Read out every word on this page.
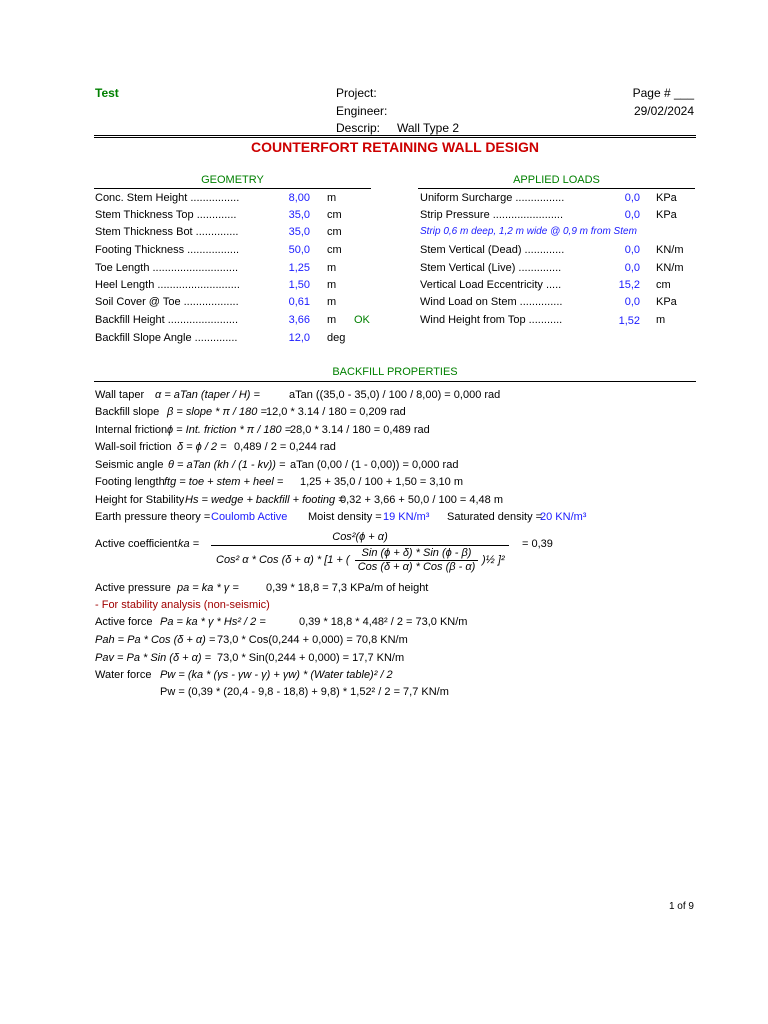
Test	Project:
Engineer:
Descrip: Wall Type 2
Page # ___
29/02/2024
COUNTERFORT RETAINING WALL DESIGN
GEOMETRY
Conc. Stem Height ................	8,00 m
Stem Thickness Top .............	35,0 cm
Stem Thickness Bot ..............	35,0 cm
Footing Thickness .................	50,0 cm
Toe Length ............................	1,25 m
Heel Length ...........................	1,50 m
Soil Cover @ Toe ..................	0,61 m
Backfill Height .......................	3,66 m OK
Backfill Slope Angle ..............	12,0 deg
APPLIED LOADS
Uniform Surcharge ................	0,0 KPa
Strip Pressure .......................	0,0 KPa
Strip 0,6 m deep, 1,2 m wide @ 0,9 m from Stem
Stem Vertical (Dead) .............	0,0 KN/m
Stem Vertical (Live) ..............	0,0 KN/m
Vertical Load Eccentricity .....	15,2 cm
Wind Load on Stem ..............	0,0 KPa
Wind Height from Top ...........	1,52 m
BACKFILL PROPERTIES
Wall taper α = aTan (taper / H) =	aTan ((35,0 - 35,0) / 100 / 8,00) = 0,000 rad
Backfill slope β = slope * π / 180 = 12,0 * 3.14 / 180 = 0,209 rad
Internal friction ϕ = Int. friction * π / 180 =
28,0 * 3.14 / 180 = 0,489 rad
Wall-soil friction δ = ϕ / 2 = 0,489 / 2 = 0,244 rad
Seismic angle θ = aTan (kh / (1 - kv)) = aTan (0,00 / (1 - 0,00)) = 0,000 rad
Footing length ftg = toe + stem + heel = 1,25 + 35,0 / 100 + 1,50 = 3,10 m
Height for Stability Hs = wedge + backfill + footing =
0,32 + 3,66 + 50,0 / 100 = 4,48 m
Earth pressure theory = Coulomb Active Moist density = 19 KN/m³ Saturated density =
20 KN/m³
Active coefficient ka =
Cos²(ϕ + α)
Cos² α * Cos (δ + α) * [1 + (
Sin (ϕ + δ) * Sin (ϕ - β)
Cos (δ + α) * Cos (β - α)
)½ ]²
= 0,39
Active pressure pa = ka * γ = 0,39 * 18,8 = 7,3 KPa/m of height
- For stability analysis (non-seismic)
Active force Pa = ka * γ * Hs² / 2 =	0,39 * 18,8 * 4,48² / 2 = 73,0 KN/m
Pah = Pa * Cos (δ + α) = 73,0 * Cos(0,244 + 0,000) = 70,8 KN/m
Pav = Pa * Sin (δ + α) = 73,0 * Sin(0,244 + 0,000) = 17,7 KN/m
Water force Pw = (ka * (γs - γw - γ) + γw) * (Water table)² / 2
Pw = (0,39 * (20,4 - 9,8 - 18,8) + 9,8) * 1,52² / 2 = 7,7 KN/m
1 of 9
